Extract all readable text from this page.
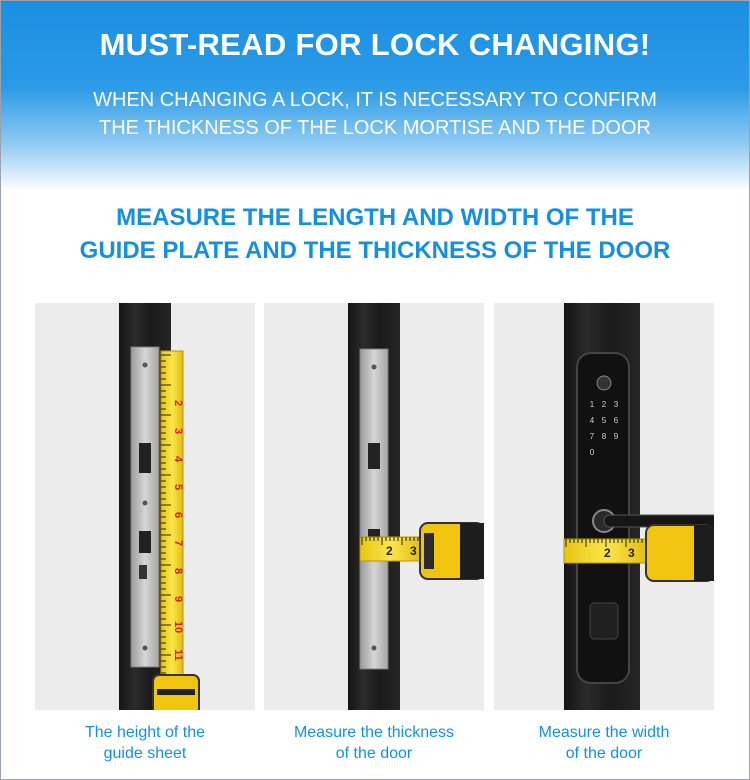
MUST-READ FOR LOCK CHANGING!
WHEN CHANGING A LOCK, IT IS NECESSARY TO CONFIRM
THE THICKNESS OF THE LOCK MORTISE AND THE DOOR
MEASURE THE LENGTH AND WIDTH OF THE
GUIDE PLATE AND THE THICKNESS OF THE DOOR
2
3
4
5
6
7
8
9
10
11
2 3
1 2 3
4 5 6
7 8 9
0
2 3
The height of the
guide sheet
Measure the thickness
of the door
Measure the width
of the door
